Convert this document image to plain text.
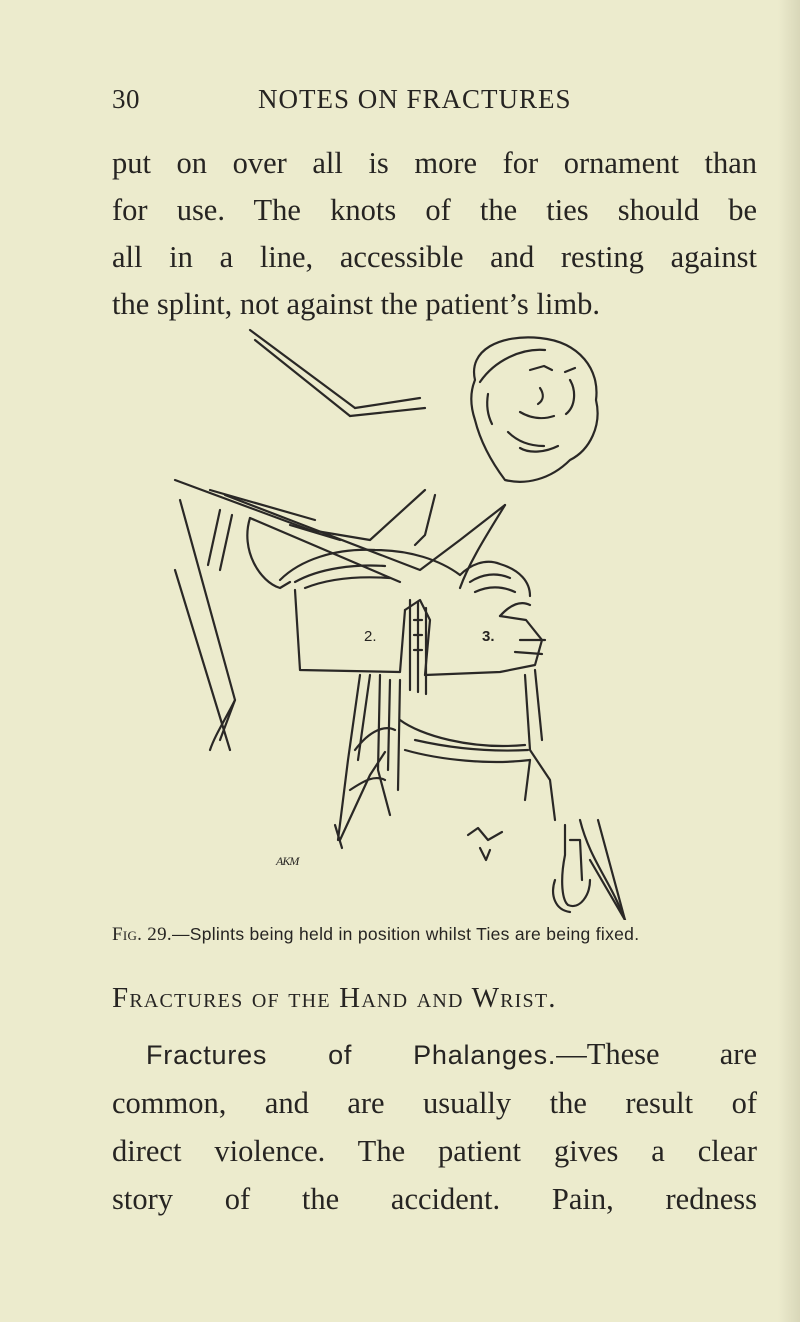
30	NOTES ON FRACTURES
put on over all is more for ornament than
for use. The knots of the ties should be
all in a line, accessible and resting against
the splint, not against the patient’s limb.
2.	3.
AKM
Fig. 29.—Splints being held in position whilst Ties are being fixed.
Fractures of the Hand and Wrist.
Fractures of Phalanges.—These are
common, and are usually the result of
direct violence. The patient gives a clear
story of the accident. Pain, redness
